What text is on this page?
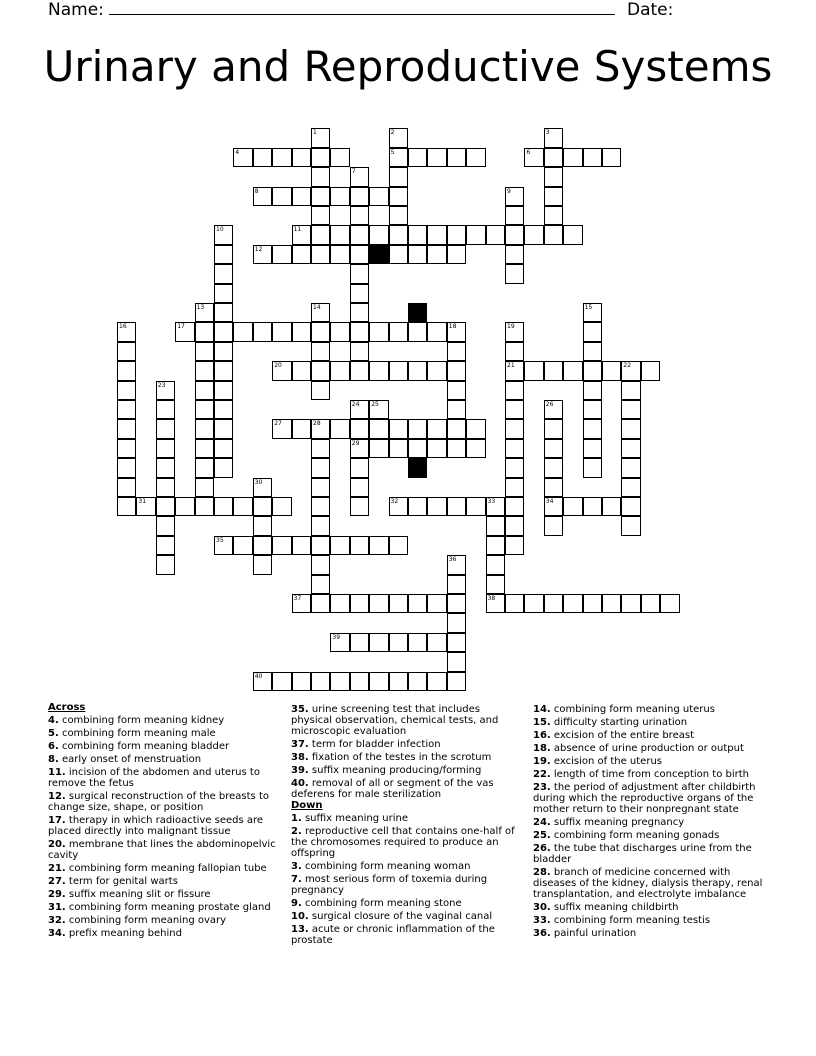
Name:	Date:
Urinary and Reproductive Systems
1	2
5
3
4	6
7
8	9
10	11
12
13	14	15
16	17	18	19
21
20	22
23
24
29
25	26
34
27	28
30
31	32	33
38
35
36
37
39
40
Across
4. combining form meaning kidney
5. combining form meaning male
6. combining form meaning bladder
8. early onset of menstruation
11. incision of the abdomen and uterus to remove the fetus
12. surgical reconstruction of the breasts to change size, shape, or position
17. therapy in which radioactive seeds are placed directly into malignant tissue
20. membrane that lines the abdominopelvic cavity
21. combining form meaning fallopian tube
27. term for genital warts
29. suffix meaning slit or fissure
31. combining form meaning prostate gland
32. combining form meaning ovary
34. prefix meaning behind
35. urine screening test that includes physical observation, chemical tests, and microscopic evaluation
37. term for bladder infection
38. fixation of the testes in the scrotum
39. suffix meaning producing/forming
40. removal of all or segment of the vas deferens for male sterilization
Down
1. suffix meaning urine
2. reproductive cell that contains one-half of the chromosomes required to produce an offspring
3. combining form meaning woman
7. most serious form of toxemia during pregnancy
9. combining form meaning stone
10. surgical closure of the vaginal canal
13. acute or chronic inflammation of the prostate
14. combining form meaning uterus
15. difficulty starting urination
16. excision of the entire breast
18. absence of urine production or output
19. excision of the uterus
22. length of time from conception to birth
23. the period of adjustment after childbirth during which the reproductive organs of the mother return to their nonpregnant state
24. suffix meaning pregnancy
25. combining form meaning gonads
26. the tube that discharges urine from the bladder
28. branch of medicine concerned with diseases of the kidney, dialysis therapy, renal transplantation, and electrolyte imbalance
30. suffix meaning childbirth
33. combining form meaning testis
36. painful urination
